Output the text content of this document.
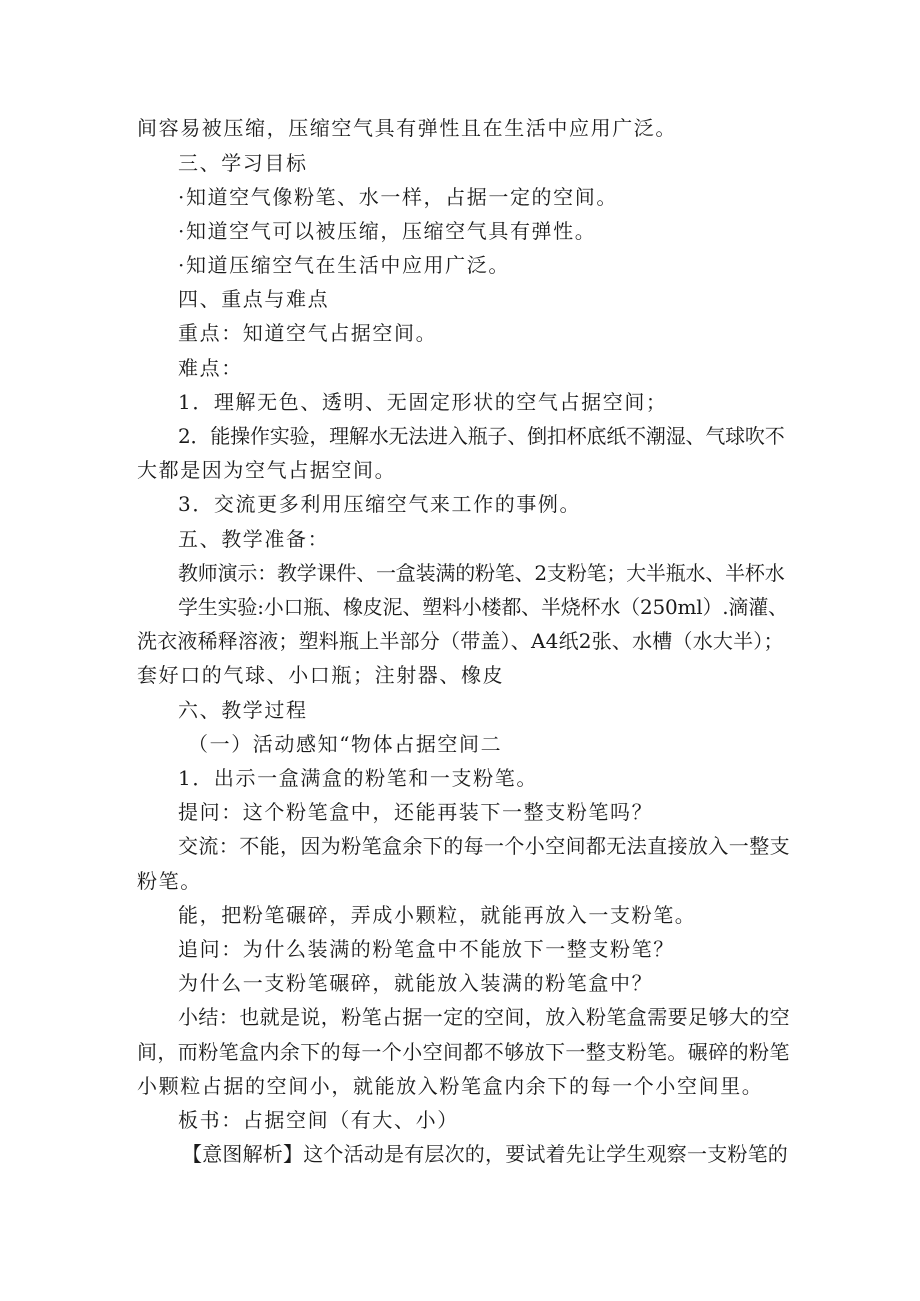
间容易被压缩，压缩空气具有弹性且在生活中应用广泛。

三、学习目标

·知道空气像粉笔、水一样，占据一定的空间。

·知道空气可以被压缩，压缩空气具有弹性。

·知道压缩空气在生活中应用广泛。

四、重点与难点

重点：知道空气占据空间。

难点：

1．理解无色、透明、无固定形状的空气占据空间；

2．能操作实验，理解水无法进入瓶子、倒扣杯底纸不潮湿、气球吹不

大都是因为空气占据空间。

3．交流更多利用压缩空气来工作的事例。

五、教学准备：

教师演示：教学课件、一盒装满的粉笔、2支粉笔；大半瓶水、半杯水

学生实验:小口瓶、橡皮泥、塑料小楼都、半烧杯水（250ml）.滴灌、

洗衣液稀释溶液；塑料瓶上半部分（带盖）、A4纸2张、水槽（水大半）；

套好口的气球、小口瓶；注射器、橡皮

六、教学过程

（一）活动感知“物体占据空间二

1．出示一盒满盒的粉笔和一支粉笔。

提问：这个粉笔盒中，还能再装下一整支粉笔吗？

交流：不能，因为粉笔盒余下的每一个小空间都无法直接放入一整支

粉笔。

能，把粉笔碾碎，弄成小颗粒，就能再放入一支粉笔。

追问：为什么装满的粉笔盒中不能放下一整支粉笔？

为什么一支粉笔碾碎，就能放入装满的粉笔盒中？

小结：也就是说，粉笔占据一定的空间，放入粉笔盒需要足够大的空

间，而粉笔盒内余下的每一个小空间都不够放下一整支粉笔。碾碎的粉笔

小颗粒占据的空间小，就能放入粉笔盒内余下的每一个小空间里。

板书：占据空间（有大、小）

【意图解析】这个活动是有层次的，要试着先让学生观察一支粉笔的
